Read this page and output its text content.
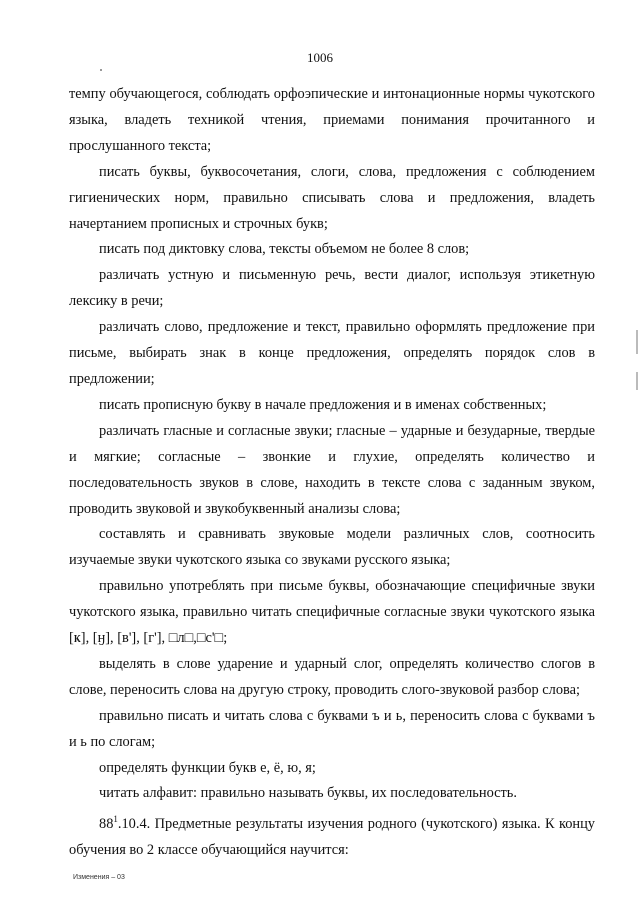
1006

темпу обучающегося, соблюдать орфоэпические и интонационные нормы чукотского языка, владеть техникой чтения, приемами понимания прочитанного и прослушанного текста;

писать буквы, буквосочетания, слоги, слова, предложения с соблюдением гигиенических норм, правильно списывать слова и предложения, владеть начертанием прописных и строчных букв;

писать под диктовку слова, тексты объемом не более 8 слов;

различать устную и письменную речь, вести диалог, используя этикетную лексику в речи;

различать слово, предложение и текст, правильно оформлять предложение при письме, выбирать знак в конце предложения, определять порядок слов в предложении;

писать прописную букву в начале предложения и в именах собственных;

различать гласные и согласные звуки; гласные – ударные и безударные, твердые и мягкие; согласные – звонкие и глухие, определять количество и последовательность звуков в слове, находить в тексте слова с заданным звуком, проводить звуковой и звукобуквенный анализы слова;

составлять и сравнивать звуковые модели различных слов, соотносить изучаемые звуки чукотского языка со звуками русского языка;

правильно употреблять при письме буквы, обозначающие специфичные звуки чукотского языка, правильно читать специфичные согласные звуки чукотского языка [ҝ], [ӈ], [в'], [г'], □л□,□с'□;

выделять в слове ударение и ударный слог, определять количество слогов в слове, переносить слова на другую строку, проводить слого-звуковой разбор слова;

правильно писать и читать слова с буквами ъ и ь, переносить слова с буквами ъ и ь по слогам;

определять функции букв е, ё, ю, я;

читать алфавит: правильно называть буквы, их последовательность.

$88^1.10.4$. Предметные результаты изучения родного (чукотского) языка. К концу обучения во 2 классе обучающийся научится:

Изменения – 03
